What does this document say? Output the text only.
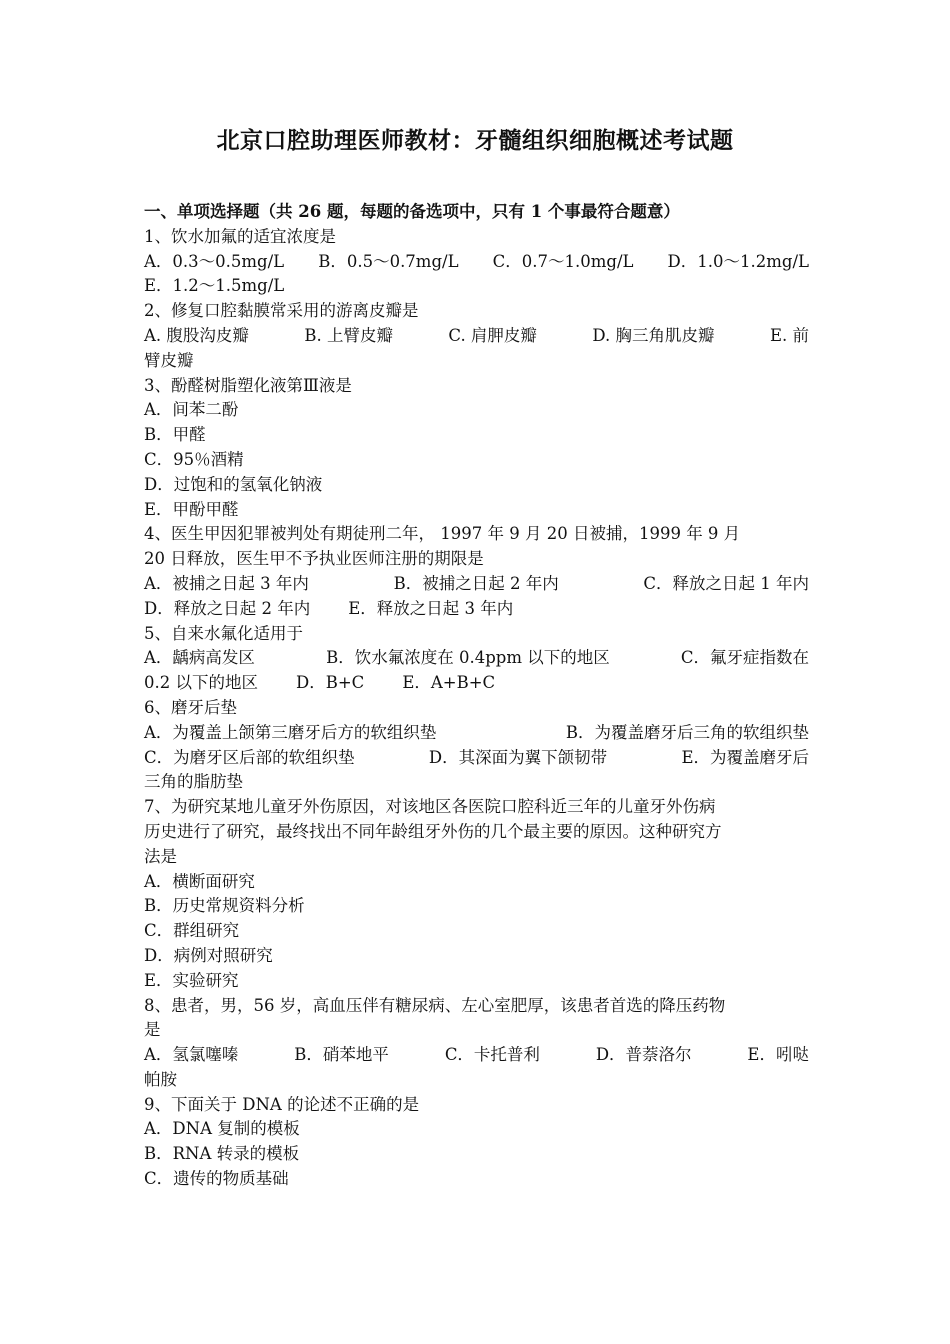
北京口腔助理医师教材：牙髓组织细胞概述考试题
一、单项选择题（共 26 题，每题的备选项中，只有 1 个事最符合题意）
1、饮水加氟的适宜浓度是
A．0.3～0.5mg/L B．0.5～0.7mg/L C．0.7～1.0mg/L D．1.0～1.2mg/L
E．1.2～1.5mg/L
2、修复口腔黏膜常采用的游离皮瓣是
A. 腹股沟皮瓣	B. 上臂皮瓣	C. 肩胛皮瓣	D. 胸三角肌皮瓣	E. 前
臂皮瓣
3、酚醛树脂塑化液第Ⅲ液是
A．间苯二酚
B．甲醛
C．95％酒精
D．过饱和的氢氧化钠液
E．甲酚甲醛
4、医生甲因犯罪被判处有期徒刑二年， 1997 年 9 月 20 日被捕，1999 年 9 月
20 日释放，医生甲不予执业医师注册的期限是
A．被捕之日起 3 年内	B．被捕之日起 2 年内	C．释放之日起 1 年内
D．释放之日起 2 年内 E．释放之日起 3 年内
5、自来水氟化适用于
A．龋病高发区	B．饮水氟浓度在 0.4ppm 以下的地区	C．氟牙症指数在
0.2 以下的地区 D．B+C E．A+B+C
6、磨牙后垫
A．为覆盖上颌第三磨牙后方的软组织垫	B．为覆盖磨牙后三角的软组织垫
C．为磨牙区后部的软组织垫	D．其深面为翼下颌韧带	E．为覆盖磨牙后
三角的脂肪垫
7、为研究某地儿童牙外伤原因，对该地区各医院口腔科近三年的儿童牙外伤病
历史进行了研究，最终找出不同年龄组牙外伤的几个最主要的原因。这种研究方
法是
A．横断面研究
B．历史常规资料分析
C．群组研究
D．病例对照研究
E．实验研究
8、患者，男，56 岁，高血压伴有糖尿病、左心室肥厚，该患者首选的降压药物
是
A．氢氯噻嗪	B．硝苯地平	C．卡托普利	D．普萘洛尔	E．吲哒
帕胺
9、下面关于 DNA 的论述不正确的是
A．DNA 复制的模板
B．RNA 转录的模板
C．遗传的物质基础
